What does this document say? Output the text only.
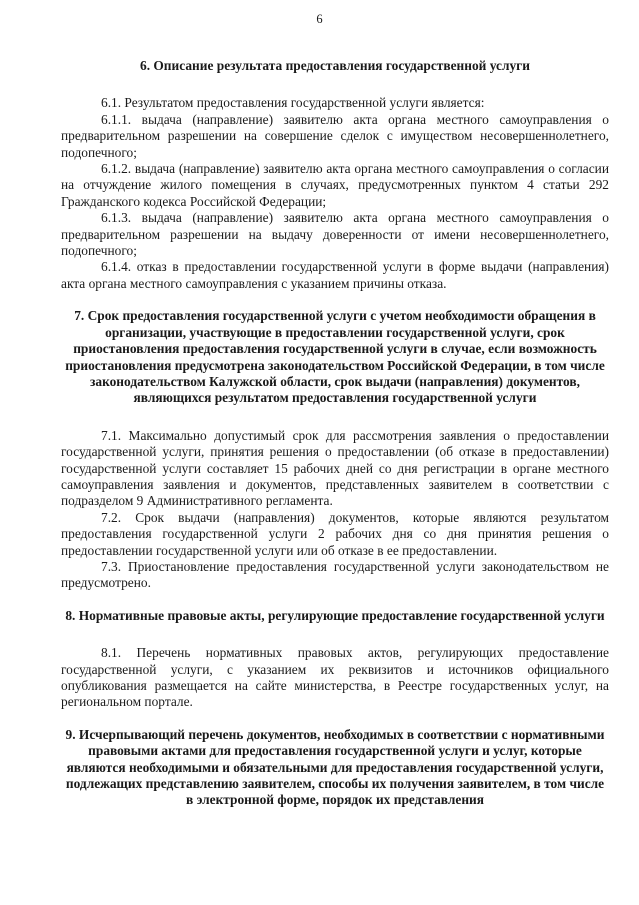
6
6. Описание результата предоставления государственной услуги

6.1. Результатом предоставления государственной услуги является:

6.1.1. выдача (направление) заявителю акта органа местного самоуправления о предварительном разрешении на совершение сделок с имуществом несовершеннолетнего, подопечного;

6.1.2. выдача (направление) заявителю акта органа местного самоуправления о согласии на отчуждение жилого помещения в случаях, предусмотренных пунктом 4 статьи 292 Гражданского кодекса Российской Федерации;

6.1.3. выдача (направление) заявителю акта органа местного самоуправления о предварительном разрешении на выдачу доверенности от имени несовершеннолетнего, подопечного;

6.1.4. отказ в предоставлении государственной услуги в форме выдачи (направления) акта органа местного самоуправления с указанием причины отказа.

7. Срок предоставления государственной услуги с учетом необходимости обращения в организации, участвующие в предоставлении государственной услуги, срок приостановления предоставления государственной услуги в случае, если возможность приостановления предусмотрена законодательством Российской Федерации, в том числе законодательством Калужской области, срок выдачи (направления) документов, являющихся результатом предоставления государственной услуги

7.1. Максимально допустимый срок для рассмотрения заявления о предоставлении государственной услуги, принятия решения о предоставлении (об отказе в предоставлении) государственной услуги составляет 15 рабочих дней со дня регистрации в органе местного самоуправления заявления и документов, представленных заявителем в соответствии с подразделом 9 Административного регламента.

7.2. Срок выдачи (направления) документов, которые являются результатом предоставления государственной услуги 2 рабочих дня со дня принятия решения о предоставлении государственной услуги или об отказе в ее предоставлении.

7.3. Приостановление предоставления государственной услуги законодательством не предусмотрено.

8. Нормативные правовые акты, регулирующие предоставление государственной услуги

8.1. Перечень нормативных правовых актов, регулирующих предоставление государственной услуги, с указанием их реквизитов и источников официального опубликования размещается на сайте министерства, в Реестре государственных услуг, на региональном портале.

9. Исчерпывающий перечень документов, необходимых в соответствии с нормативными правовыми актами для предоставления государственной услуги и услуг, которые являются необходимыми и обязательными для предоставления государственной услуги, подлежащих представлению заявителем, способы их получения заявителем, в том числе в электронной форме, порядок их представления
